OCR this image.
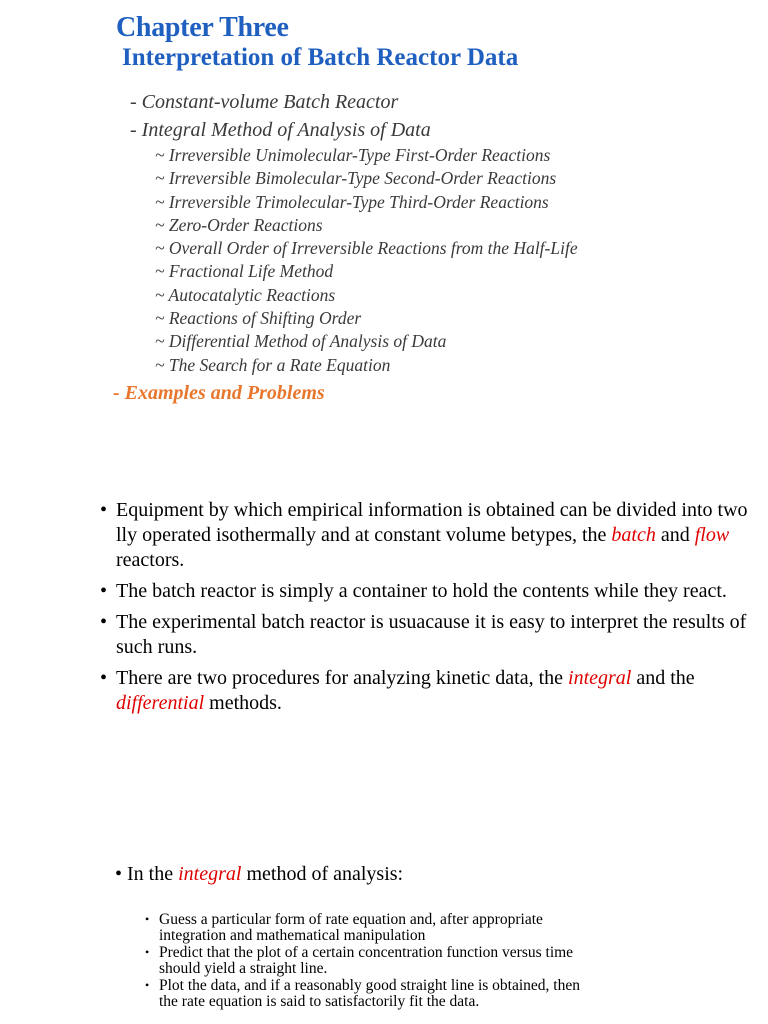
Chapter Three
Interpretation of Batch Reactor Data
- Constant-volume Batch Reactor
- Integral Method of Analysis of Data
~ Irreversible Unimolecular-Type First-Order Reactions
~ Irreversible Bimolecular-Type Second-Order Reactions
~ Irreversible Trimolecular-Type Third-Order Reactions
~ Zero-Order Reactions
~ Overall Order of Irreversible Reactions from the Half-Life
~ Fractional Life Method
~ Autocatalytic Reactions
~ Reactions of Shifting Order
~ Differential Method of Analysis of Data
~ The Search for a Rate Equation
- Examples and Problems
• Equipment by which empirical information is obtained can be divided into two lly operated isothermally and at constant volume betypes, the batch and flow reactors.
• The batch reactor is simply a container to hold the contents while they react.
• The experimental batch reactor is usuacause it is easy to interpret the results of such runs.
• There are two procedures for analyzing kinetic data, the integral and the differential methods.
• In the integral method of analysis:
• Guess a particular form of rate equation and, after appropriate
integration and mathematical manipulation
• Predict that the plot of a certain concentration function versus time
should yield a straight line.
• Plot the data, and if a reasonably good straight line is obtained, then
the rate equation is said to satisfactorily fit the data.
